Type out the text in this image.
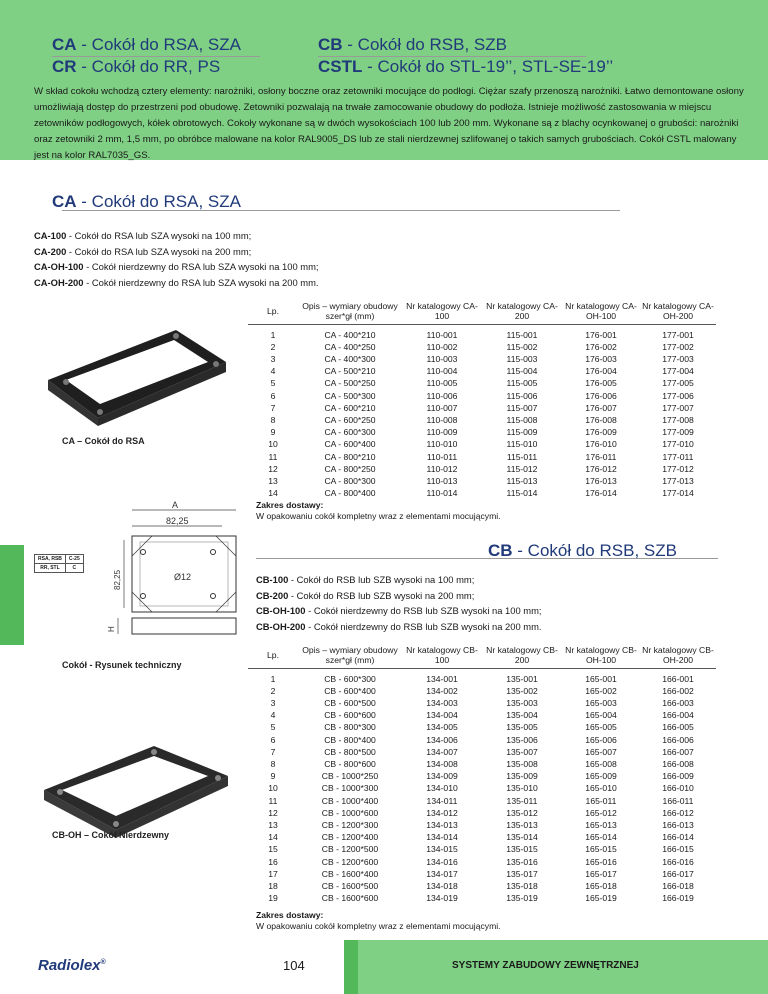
CA - Cokół do RSA, SZA
CR - Cokół do RR, PS
CB - Cokół do RSB, SZB
CSTL - Cokół do STL-19’’, STL-SE-19’’
W skład cokołu wchodzą cztery elementy: narożniki, osłony boczne oraz zetowniki mocujące do podłogi. Ciężar szafy przenoszą narożniki. Łatwo demontowane osłony umożliwiają dostęp do przestrzeni pod obudowę. Zetowniki pozwalają na trwałe zamocowanie obudowy do podłoża. Istnieje możliwość zastosowania w miejscu zetowników podłogowych, kółek obrotowych. Cokoły wykonane są w dwóch wysokościach 100 lub 200 mm. Wykonane są z blachy ocynkowanej o grubości: narożniki oraz zetowniki 2 mm, 1,5 mm, po obróbce malowane na kolor RAL9005_DS lub ze stali nierdzewnej szlifowanej o takich samych grubościach. Cokół CSTL malowany jest na kolor RAL7035_GS.
CA - Cokół do RSA, SZA
CA-100 - Cokół do RSA lub SZA wysoki na 100 mm;
CA-200 - Cokół do RSA lub SZA wysoki na 200 mm;
CA-OH-100 - Cokół nierdzewny do RSA lub SZA wysoki na 100 mm;
CA-OH-200 - Cokół nierdzewny do RSA lub SZA wysoki na 200 mm.
CA – Cokół do RSA
Lp.	Opis – wymiary obudowy szer*gł (mm)	Nr katalogowy CA-100	Nr katalogowy CA-200	Nr katalogowy CA-OH-100	Nr katalogowy CA-OH-200
1	CA - 400*210	110-001	115-001	176-001	177-001
2	CA - 400*250	110-002	115-002	176-002	177-002
3	CA - 400*300	110-003	115-003	176-003	177-003
4	CA - 500*210	110-004	115-004	176-004	177-004
5	CA - 500*250	110-005	115-005	176-005	177-005
6	CA - 500*300	110-006	115-006	176-006	177-006
7	CA - 600*210	110-007	115-007	176-007	177-007
8	CA - 600*250	110-008	115-008	176-008	177-008
9	CA - 600*300	110-009	115-009	176-009	177-009
10	CA - 600*400	110-010	115-010	176-010	177-010
11	CA - 800*210	110-011	115-011	176-011	177-011
12	CA - 800*250	110-012	115-012	176-012	177-012
13	CA - 800*300	110-013	115-013	176-013	177-013
14	CA - 800*400	110-014	115-014	176-014	177-014
Zakres dostawy:
W opakowaniu cokół kompletny wraz z elementami mocującymi.
RSA, RSB	C-25
RR, STL	C
A
82,25
Ø12
82,25
H
Cokół - Rysunek techniczny
CB - Cokół do RSB, SZB
CB-100 - Cokół do RSB lub SZB wysoki na 100 mm;
CB-200 - Cokół do RSB lub SZB wysoki na 200 mm;
CB-OH-100 - Cokół nierdzewny do RSB lub SZB wysoki na 100 mm;
CB-OH-200 - Cokół nierdzewny do RSB lub SZB wysoki na 200 mm.
CB-OH – Cokół Nierdzewny
Lp.	Opis – wymiary obudowy szer*gł (mm)	Nr katalogowy CB-100	Nr katalogowy CB-200	Nr katalogowy CB-OH-100	Nr katalogowy CB-OH-200
1	CB - 600*300	134-001	135-001	165-001	166-001
2	CB - 600*400	134-002	135-002	165-002	166-002
3	CB - 600*500	134-003	135-003	165-003	166-003
4	CB - 600*600	134-004	135-004	165-004	166-004
5	CB - 800*300	134-005	135-005	165-005	166-005
6	CB - 800*400	134-006	135-006	165-006	166-006
7	CB - 800*500	134-007	135-007	165-007	166-007
8	CB - 800*600	134-008	135-008	165-008	166-008
9	CB - 1000*250	134-009	135-009	165-009	166-009
10	CB - 1000*300	134-010	135-010	165-010	166-010
11	CB - 1000*400	134-011	135-011	165-011	166-011
12	CB - 1000*600	134-012	135-012	165-012	166-012
13	CB - 1200*300	134-013	135-013	165-013	166-013
14	CB - 1200*400	134-014	135-014	165-014	166-014
15	CB - 1200*500	134-015	135-015	165-015	166-015
16	CB - 1200*600	134-016	135-016	165-016	166-016
17	CB - 1600*400	134-017	135-017	165-017	166-017
18	CB - 1600*500	134-018	135-018	165-018	166-018
19	CB - 1600*600	134-019	135-019	165-019	166-019
Zakres dostawy:
W opakowaniu cokół kompletny wraz z elementami mocującymi.
Radiolex®	104	SYSTEMY ZABUDOWY ZEWNĘTRZNEJ
